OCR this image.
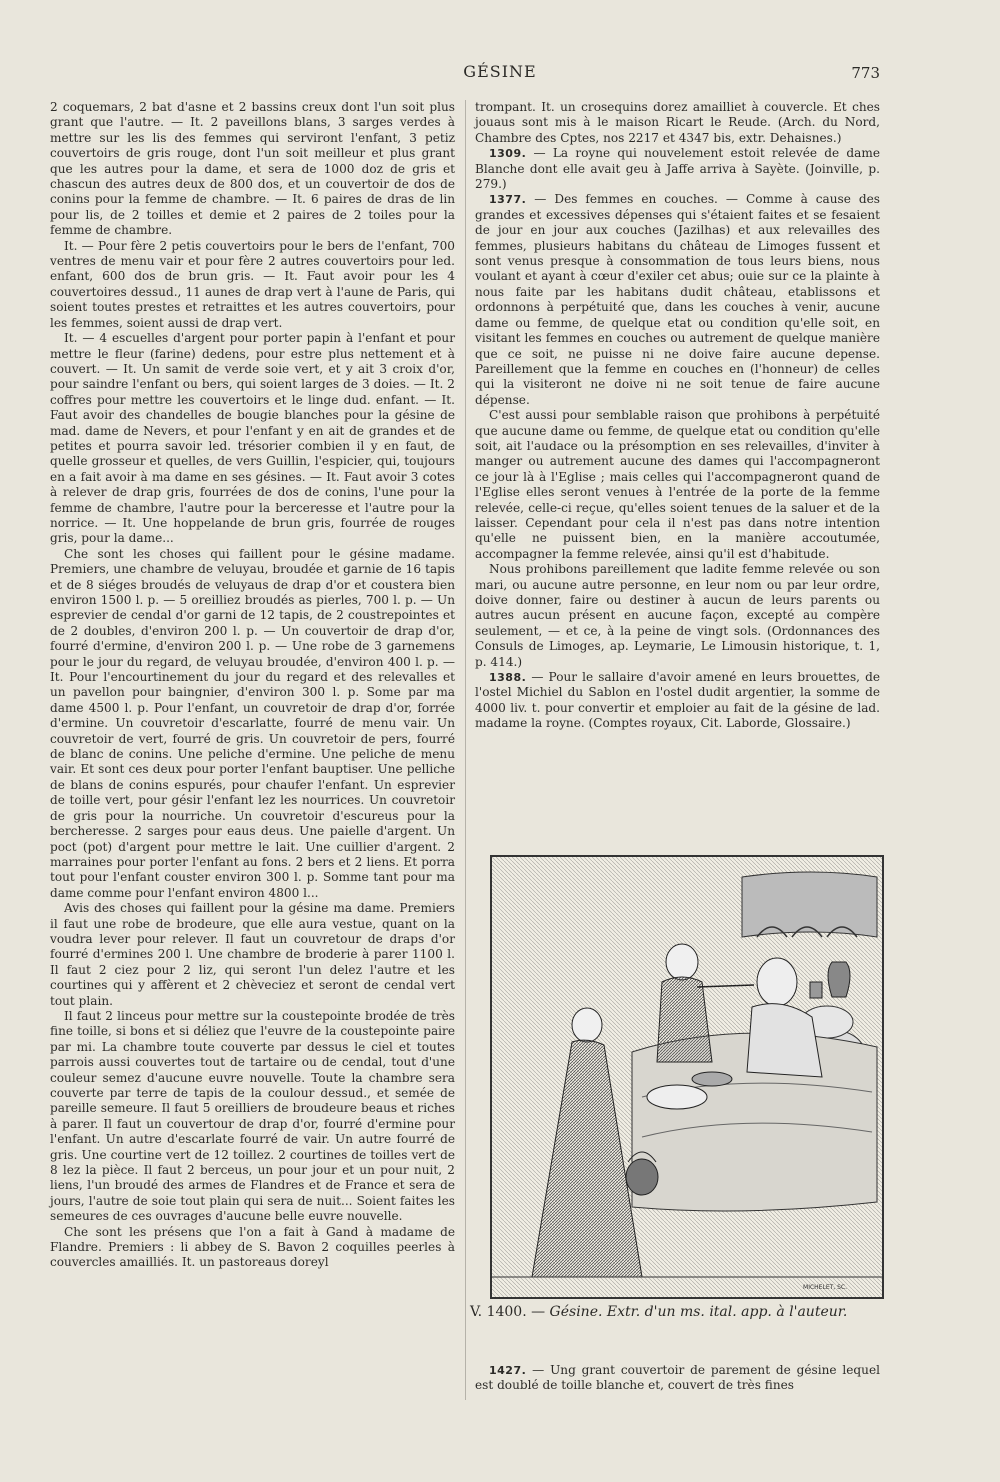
GÉSINE	773

2 coquemars, 2 bat d'asne et 2 bassins creux dont l'un soit plus grant que l'autre. — It. 2 paveillons blans, 3 sarges verdes à mettre sur les lis des femmes qui serviront l'enfant, 3 petiz couvertoirs de gris rouge, dont l'un soit meilleur et plus grant que les autres pour la dame, et sera de 1000 doz de gris et chascun des autres deux de 800 dos, et un couvertoir de dos de conins pour la femme de chambre. — It. 6 paires de dras de lin pour lis, de 2 toilles et demie et 2 paires de 2 toiles pour la femme de chambre.

It. — Pour fère 2 petis couvertoirs pour le bers de l'enfant, 700 ventres de menu vair et pour fère 2 autres couvertoirs pour led. enfant, 600 dos de brun gris. — It. Faut avoir pour les 4 couvertoires dessud., 11 aunes de drap vert à l'aune de Paris, qui soient toutes prestes et retraittes et les autres couvertoirs, pour les femmes, soient aussi de drap vert.

It. — 4 escuelles d'argent pour porter papin à l'enfant et pour mettre le fleur (farine) dedens, pour estre plus nettement et à couvert. — It. Un samit de verde soie vert, et y ait 3 croix d'or, pour saindre l'enfant ou bers, qui soient larges de 3 doies. — It. 2 coffres pour mettre les couvertoirs et le linge dud. enfant. — It. Faut avoir des chandelles de bougie blanches pour la gésine de mad. dame de Nevers, et pour l'enfant y en ait de grandes et de petites et pourra savoir led. trésorier combien il y en faut, de quelle grosseur et quelles, de vers Guillin, l'espicier, qui, toujours en a fait avoir à ma dame en ses gésines. — It. Faut avoir 3 cotes à relever de drap gris, fourrées de dos de conins, l'une pour la femme de chambre, l'autre pour la berceresse et l'autre pour la norrice. — It. Une hoppelande de brun gris, fourrée de rouges gris, pour la dame...

Che sont les choses qui faillent pour le gésine madame. Premiers, une chambre de veluyau, broudée et garnie de 16 tapis et de 8 siéges broudés de veluyaus de drap d'or et coustera bien environ 1500 l. p. — 5 oreilliez broudés as pierles, 700 l. p. — Un esprevier de cendal d'or garni de 12 tapis, de 2 coustrepointes et de 2 doubles, d'environ 200 l. p. — Un couvertoir de drap d'or, fourré d'ermine, d'environ 200 l. p. — Une robe de 3 garnemens pour le jour du regard, de veluyau broudée, d'environ 400 l. p. — It. Pour l'encourtinement du jour du regard et des relevalles et un pavellon pour baingnier, d'environ 300 l. p. Some par ma dame 4500 l. p. Pour l'enfant, un couvretoir de drap d'or, forrée d'ermine. Un couvretoir d'escarlatte, fourré de menu vair. Un couvretoir de vert, fourré de gris. Un couvretoir de pers, fourré de blanc de conins. Une peliche d'ermine. Une peliche de menu vair. Et sont ces deux pour porter l'enfant bauptiser. Une pelliche de blans de conins espurés, pour chaufer l'enfant. Un esprevier de toille vert, pour gésir l'enfant lez les nourrices. Un couvretoir de gris pour la nourriche. Un couvretoir d'escureus pour la bercheresse. 2 sarges pour eaus deus. Une paielle d'argent. Un poct (pot) d'argent pour mettre le lait. Une cuillier d'argent. 2 marraines pour porter l'enfant au fons. 2 bers et 2 liens. Et porra tout pour l'enfant couster environ 300 l. p. Somme tant pour ma dame comme pour l'enfant environ 4800 l...

Avis des choses qui faillent pour la gésine ma dame. Premiers il faut une robe de brodeure, que elle aura vestue, quant on la voudra lever pour relever. Il faut un couvretour de draps d'or fourré d'ermines 200 l. Une chambre de broderie à parer 1100 l. Il faut 2 ciez pour 2 liz, qui seront l'un delez l'autre et les courtines qui y affèrent et 2 chèveciez et seront de cendal vert tout plain.

Il faut 2 linceus pour mettre sur la coustepointe brodée de très fine toille, si bons et si déliez que l'euvre de la coustepointe paire par mi. La chambre toute couverte par dessus le ciel et toutes parrois aussi couvertes tout de tartaire ou de cendal, tout d'une couleur semez d'aucune euvre nouvelle. Toute la chambre sera couverte par terre de tapis de la coulour dessud., et semée de pareille semeure. Il faut 5 oreilliers de broudeure beaus et riches à parer. Il faut un couvertour de drap d'or, fourré d'ermine pour l'enfant. Un autre d'escarlate fourré de vair. Un autre fourré de gris. Une courtine vert de 12 toillez. 2 courtines de toilles vert de 8 lez la pièce. Il faut 2 berceus, un pour jour et un pour nuit, 2 liens, l'un broudé des armes de Flandres et de France et sera de jours, l'autre de soie tout plain qui sera de nuit... Soient faites les semeures de ces ouvrages d'aucune belle euvre nouvelle.

Che sont les présens que l'on a fait à Gand à madame de Flandre. Premiers : li abbey de S. Bavon 2 coquilles peerles à couvercles amailliés. It. un pastoreaus doreyl

trompant. It. un crosequins dorez amailliet à couvercle. Et ches jouaus sont mis à le maison Ricart le Reude. (Arch. du Nord, Chambre des Cptes, nos 2217 et 4347 bis, extr. Dehaisnes.)

1309. — La royne qui nouvelement estoit relevée de dame Blanche dont elle avait geu à Jaffe arriva à Sayète. (Joinville, p. 279.)

1377. — Des femmes en couches. — Comme à cause des grandes et excessives dépenses qui s'étaient faites et se fesaient de jour en jour aux couches (Jazilhas) et aux relevailles des femmes, plusieurs habitans du château de Limoges fussent et sont venus presque à consommation de tous leurs biens, nous voulant et ayant à cœur d'exiler cet abus; ouie sur ce la plainte à nous faite par les habitans dudit château, etablissons et ordonnons à perpétuité que, dans les couches à venir, aucune dame ou femme, de quelque etat ou condition qu'elle soit, en visitant les femmes en couches ou autrement de quelque manière que ce soit, ne puisse ni ne doive faire aucune depense. Pareillement que la femme en couches en (l'honneur) de celles qui la visiteront ne doive ni ne soit tenue de faire aucune dépense.

C'est aussi pour semblable raison que prohibons à perpétuité que aucune dame ou femme, de quelque etat ou condition qu'elle soit, ait l'audace ou la présomption en ses relevailles, d'inviter à manger ou autrement aucune des dames qui l'accompagneront ce jour là à l'Eglise ; mais celles qui l'accompagneront quand de l'Eglise elles seront venues à l'entrée de la porte de la femme relevée, celle-ci reçue, qu'elles soient tenues de la saluer et de la laisser. Cependant pour cela il n'est pas dans notre intention qu'elle ne puissent bien, en la manière accoutumée, accompagner la femme relevée, ainsi qu'il est d'habitude.

Nous prohibons pareillement que ladite femme relevée ou son mari, ou aucune autre personne, en leur nom ou par leur ordre, doive donner, faire ou destiner à aucun de leurs parents ou autres aucun présent en aucune façon, excepté au compère seulement, — et ce, à la peine de vingt sols. (Ordonnances des Consuls de Limoges, ap. Leymarie, Le Limousin historique, t. 1, p. 414.)

1388. — Pour le sallaire d'avoir amené en leurs brouettes, de l'ostel Michiel du Sablon en l'ostel dudit argentier, la somme de 4000 liv. t. pour convertir et emploier au fait de la gésine de lad. madame la royne. (Comptes royaux, Cit. Laborde, Glossaire.)

MICHELET, SC.
V. 1400. — Gésine. Extr. d'un ms. ital. app. à l'auteur.

1427. — Ung grant couvertoir de parement de gésine lequel est doublé de toille blanche et, couvert de très fines
